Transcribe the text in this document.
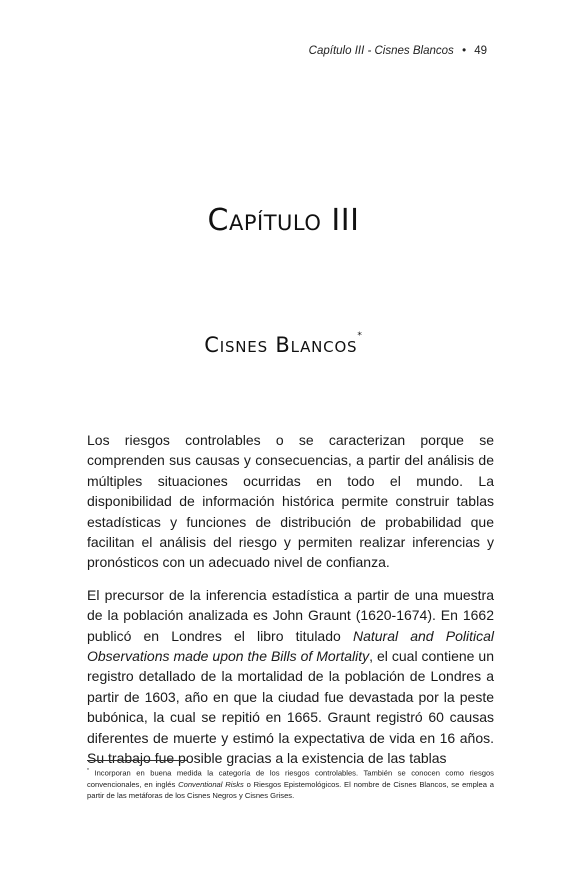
Capítulo III - Cisnes Blancos • 49
Capítulo III
Cisnes Blancos*

Los riesgos controlables o se caracterizan porque se comprenden sus causas y consecuencias, a partir del análisis de múltiples situaciones ocurridas en todo el mundo. La disponibilidad de información histórica permite construir tablas estadísticas y funciones de distribución de probabilidad que facilitan el análisis del riesgo y permiten realizar inferencias y pronósticos con un adecuado nivel de confianza.

El precursor de la inferencia estadística a partir de una muestra de la población analizada es John Graunt (1620-1674). En 1662 publicó en Londres el libro titulado Natural and Political Observations made upon the Bills of Mortality, el cual contiene un registro detallado de la mortalidad de la población de Londres a partir de 1603, año en que la ciudad fue devastada por la peste bubónica, la cual se repitió en 1665. Graunt registró 60 causas diferentes de muerte y estimó la expectativa de vida en 16 años. Su trabajo fue posible gracias a la existencia de las tablas

* Incorporan en buena medida la categoría de los riesgos controlables. También se conocen como riesgos convencionales, en inglés Conventional Risks o Riesgos Epistemológicos. El nombre de Cisnes Blancos, se emplea a partir de las metáforas de los Cisnes Negros y Cisnes Grises.
